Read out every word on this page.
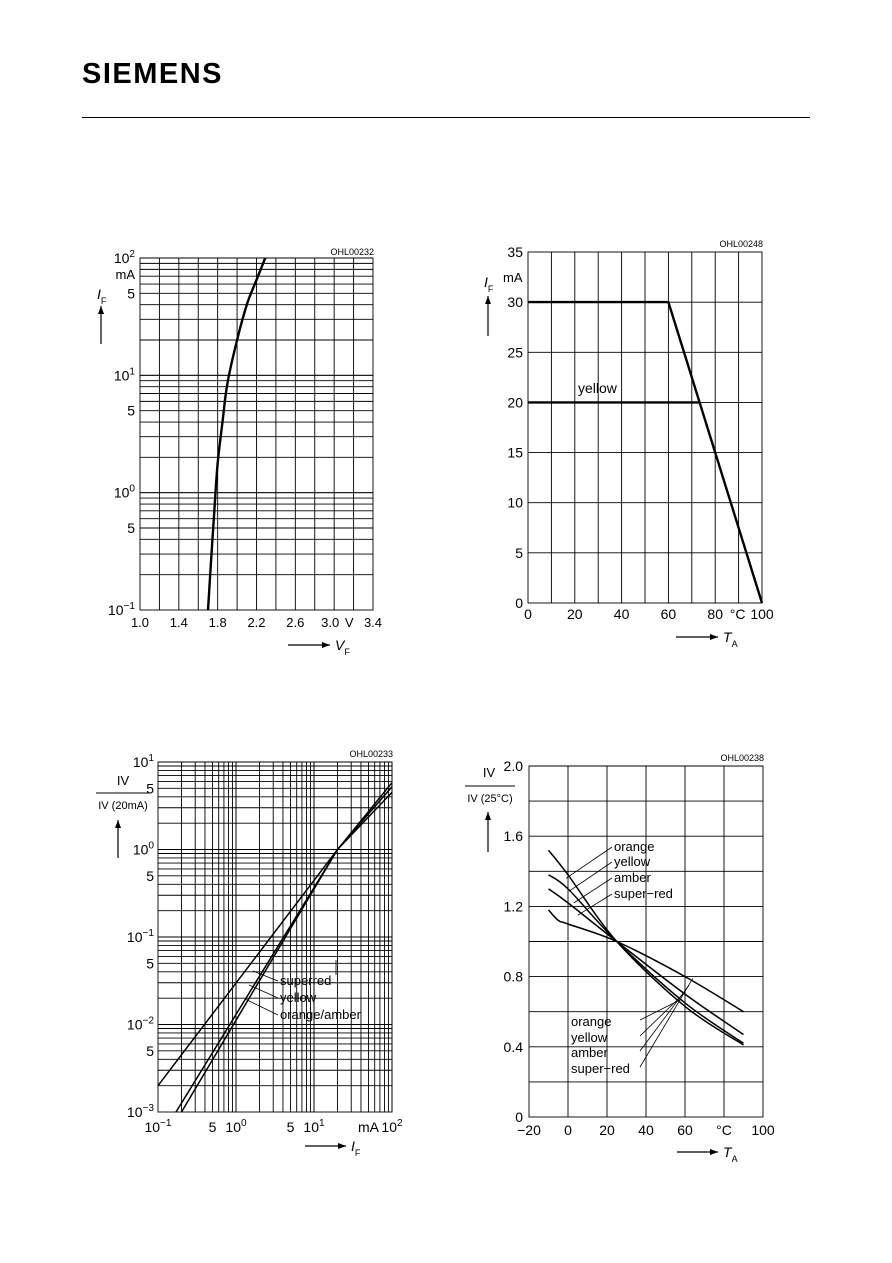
SIEMENS
1.0 1.4 1.8 2.2 2.6 3.0 V 3.4
$10^{-1}$
5
$10^0$
5
$10^1$
5
$10^2$
mA
$I_F$
$V_F$
OHL00232
0	20 40 60 80 100
°C
0
5
10
15
20
25
30
35
mA
$I_F$
$T_A$
OHL00248
yellow
$10^{-1}$	5 $10^0$	5 $10^1$ mA $10^2$
$10^{-3}$
5
$10^{-2}$
5
$10^{-1}$
5
$10^0$
5
$10^1$
IV
IV (20mA)
$I_F$
OHL00233
superred
yellow
orange/amber
−20 0 20 40 60 °C 100
0
0.4
0.8
1.2
1.6
2.0
IV
IV (25°C)
$T_A$
OHL00238
orange
yellow
amber
super−red
orange
yellow
amber
super−red
